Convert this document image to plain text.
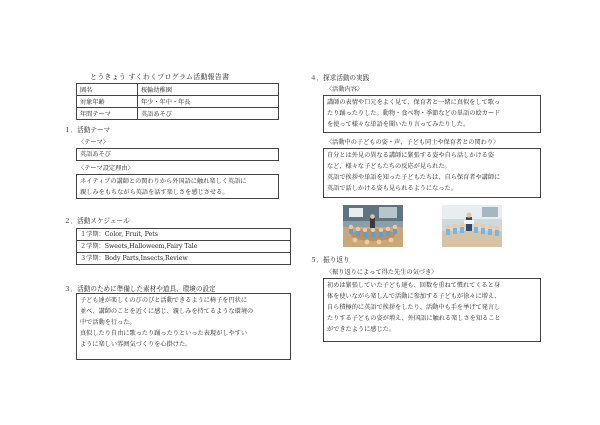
とうきょう すくわくプログラム活動報告書
園名	桜輪幼稚園
対象年齢	年少・年中・年長
年間テーマ	英語あそび
１．活動テーマ
〈テーマ〉
英語あそび
〈テーマ設定理由〉
ネイティブの講師との関わりから外国語に触れ楽しく英語に
親しみをもちながら英語を話す楽しさを感じさせる。
２．活動スケジュール
１学期：Color, Fruit, Pets
２学期：Sweets,Halloweem,Fairy Tale
３学期：Body Parts,Insects,Review
３．活動のために準備した素材や道具、環境の設定
子ども達が楽しくのびのびと活動できるように椅子を円状に
並べ、講師のことを近くに感じ、親しみを持てるような環境の
中で活動を行った。
真似したり自由に歌ったり踊ったりといった表現がしやすい
ように楽しい雰囲気づくりを心掛けた。
４．探求活動の実践
〈活動内容〉
講師の表情や口元をよく見て、保育者と一緒に真似をして歌っ
たり踊ったりした。動物・食べ物・季節などの単語の絵カード
を使って様々な単語を聞いたり言ってみたりした。
〈活動中の子どもの姿・声、子ども同士や保育者との関わり〉
自分とは外見の異なる講師に緊張する姿や自ら話しかける姿
など、様々な子どもたちの反応が見られた。
英語で挨拶や単語を知った子どもたちは、自ら保育者や講師に
英語で話しかける姿も見られるようになった。
５．振り返り
〈振り返りによって得た先生の気づき〉
初めは緊張していた子ども達も、回数を重ねて慣れてくると身
体を使いながら楽しんで活動に参加する子どもが徐々に増え、
自ら積極的に英語で挨拶をしたり、活動中も手を挙げて発言し
たりする子どもの姿が増え、外国語に触れる楽しさを知ること
ができたように感じた。
